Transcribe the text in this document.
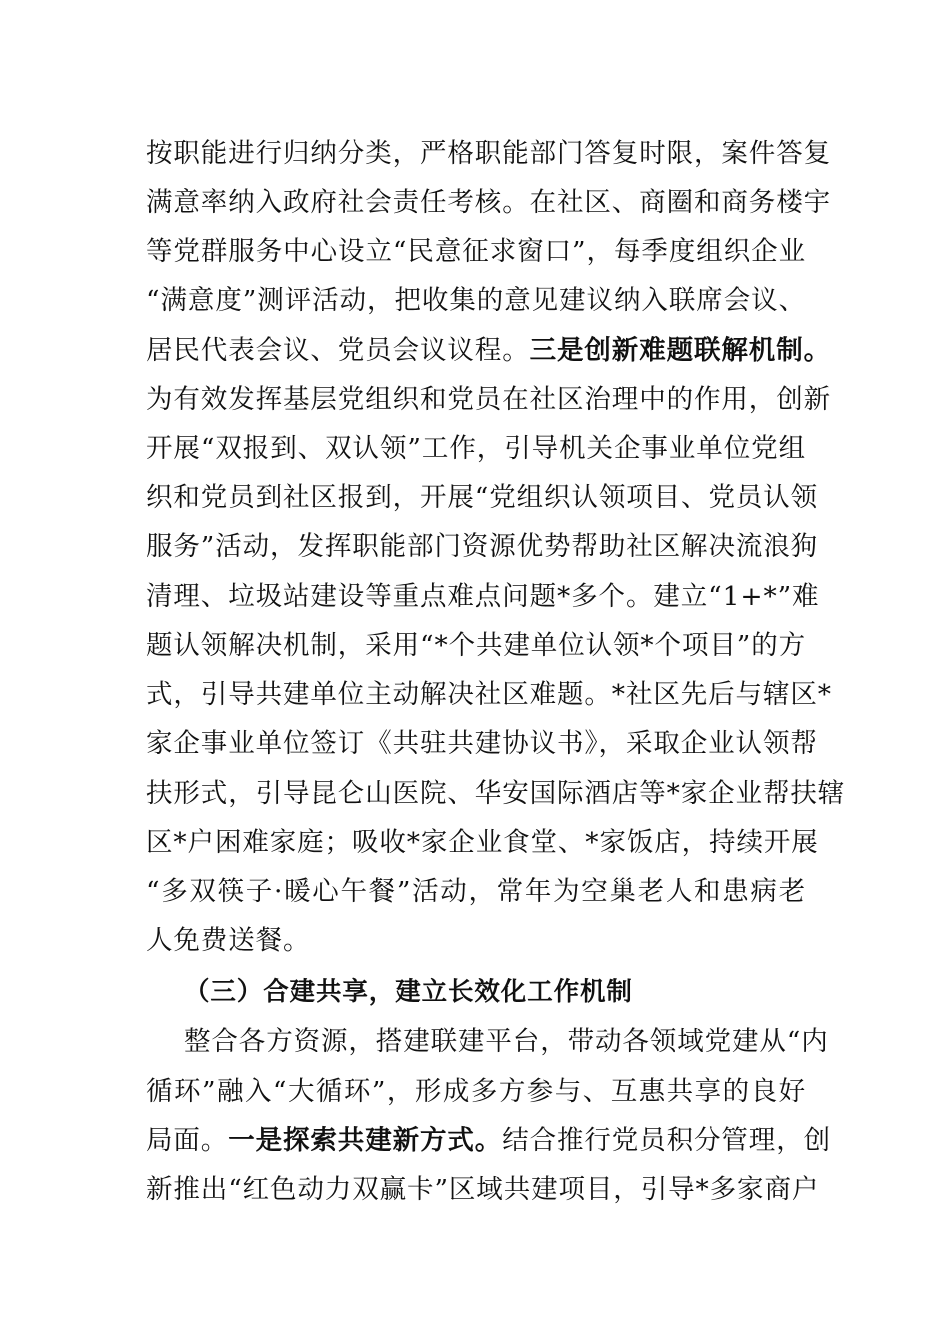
按职能进行归纳分类，严格职能部门答复时限，案件答复
满意率纳入政府社会责任考核。在社区、商圈和商务楼宇
等党群服务中心设立“民意征求窗口”，每季度组织企业
“满意度”测评活动，把收集的意见建议纳入联席会议、
居民代表会议、党员会议议程。三是创新难题联解机制。
为有效发挥基层党组织和党员在社区治理中的作用，创新
开展“双报到、双认领”工作，引导机关企事业单位党组
织和党员到社区报到，开展“党组织认领项目、党员认领
服务”活动，发挥职能部门资源优势帮助社区解决流浪狗
清理、垃圾站建设等重点难点问题*多个。建立“1+*”难
题认领解决机制，采用“*个共建单位认领*个项目”的方
式，引导共建单位主动解决社区难题。*社区先后与辖区*
家企事业单位签订《共驻共建协议书》，采取企业认领帮
扶形式，引导昆仑山医院、华安国际酒店等*家企业帮扶辖
区*户困难家庭；吸收*家企业食堂、*家饭店，持续开展
“多双筷子·暖心午餐”活动，常年为空巢老人和患病老
人免费送餐。
（三）合建共享，建立长效化工作机制
整合各方资源，搭建联建平台，带动各领域党建从“内
循环”融入“大循环”，形成多方参与、互惠共享的良好
局面。一是探索共建新方式。结合推行党员积分管理，创
新推出“红色动力双赢卡”区域共建项目，引导*多家商户
